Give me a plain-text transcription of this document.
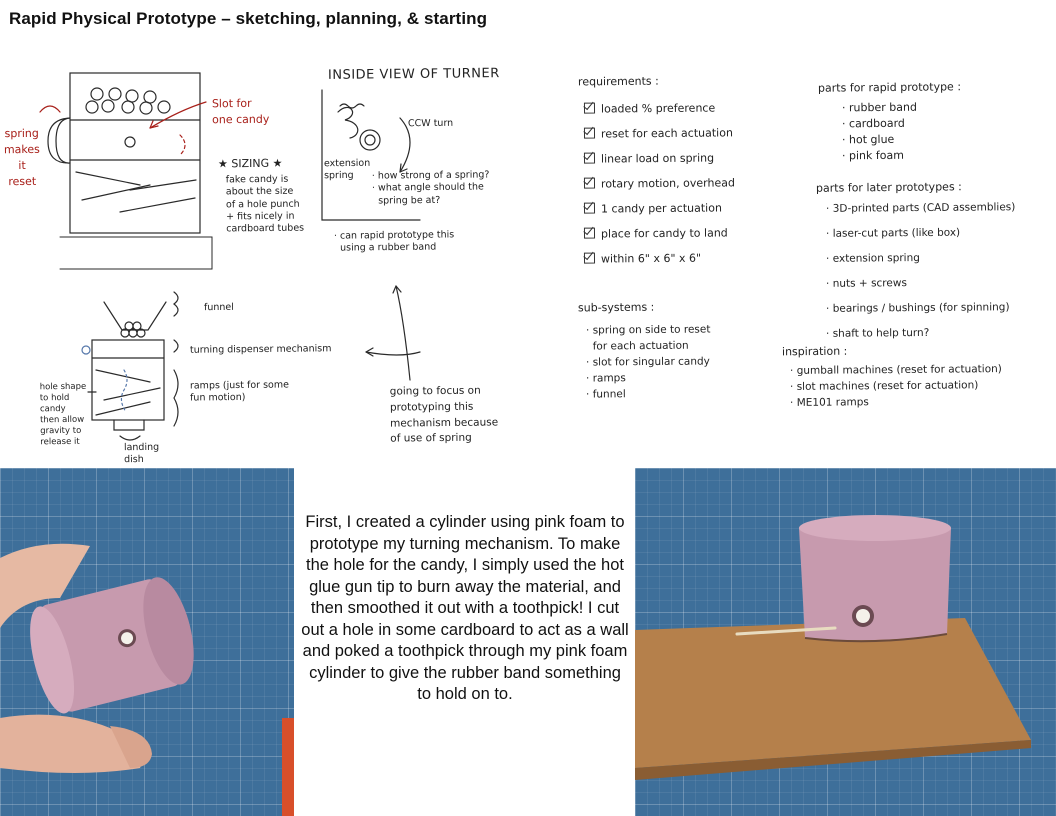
Rapid Physical Prototype – sketching, planning, & starting
Slot for
one candy
spring
makes
it
reset
★ SIZING ★
fake candy is
about the size
of a hole punch
+ fits nicely in
cardboard tubes
INSIDE VIEW OF TURNER
CCW turn
extension
spring	· how strong of a spring?
· what angle should the
spring be at?
· can rapid prototype this
using a rubber band
funnel
turning dispenser mechanism
ramps (just for some
fun motion)
hole shape
to hold
candy
then allow
gravity to
release it	landing
dish
going to focus on
prototyping this
mechanism because
of use of spring
requirements :
loaded % preference
reset for each actuation
linear load on spring
rotary motion, overhead
1 candy per actuation
place for candy to land
within 6" x 6" x 6"
sub-systems :
· spring on side to reset
for each actuation
· slot for singular candy
· ramps
· funnel
parts for rapid prototype :
· rubber band
· cardboard
· hot glue
· pink foam
parts for later prototypes :
· 3D-printed parts (CAD assemblies)
· laser-cut parts (like box)
· extension spring
· nuts + screws
· bearings / bushings (for spinning)
· shaft to help turn?
inspiration :
· gumball machines (reset for actuation)
· slot machines (reset for actuation)
· ME101 ramps

First, I created a cylinder using pink foam to prototype my turning mechanism. To make the hole for the candy, I simply used the hot glue gun tip to burn away the material, and then smoothed it out with a toothpick! I cut out a hole in some cardboard to act as a wall and poked a toothpick through my pink foam cylinder to give the rubber band something to hold on to.
